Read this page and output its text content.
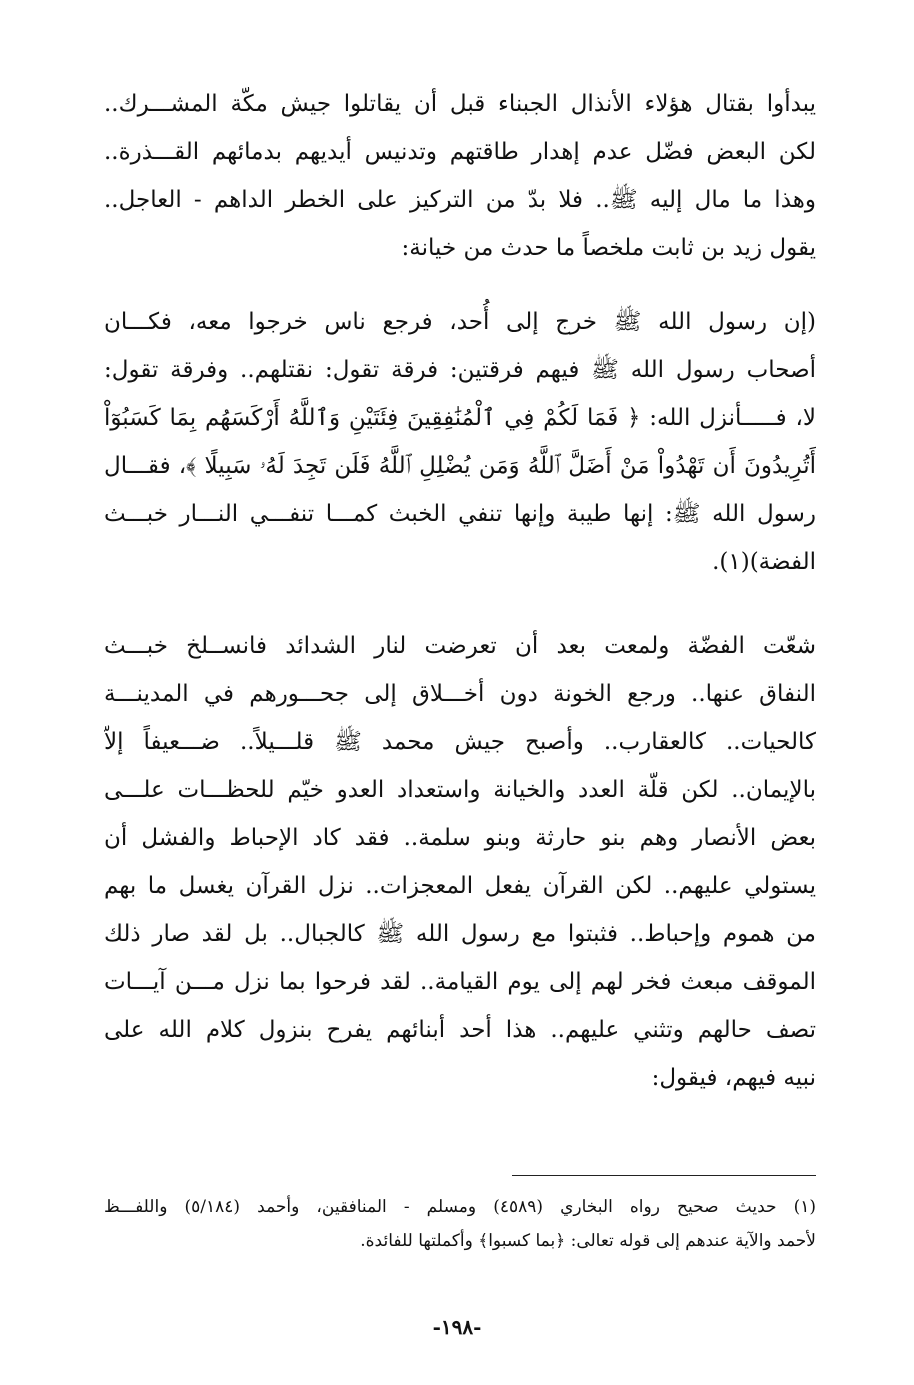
يبدأوا بقتال هؤلاء الأنذال الجبناء قبل أن يقاتلوا جيش مكّة المشـــرك..
لكن البعض فضّل عدم إهدار طاقتهم وتدنيس أيديهم بدمائهم القـــذرة..
وهذا ما مال إليه ﷺ.. فلا بدّ من التركيز على الخطر الداهم - العاجل..
يقول زيد بن ثابت ملخصاً ما حدث من خيانة:
(إن رسول الله ﷺ خرج إلى أُحد، فرجع ناس خرجوا معه، فكـــان
أصحاب رسول الله ﷺ فيهم فرقتين: فرقة تقول: نقتلهم.. وفرقة تقول:
لا، فـــــأنزل الله: ﴿ فَمَا لَكُمْ فِي ٱلْمُنَٰفِقِينَ فِئَتَيْنِ وَٱللَّهُ أَرْكَسَهُم بِمَا كَسَبُوٓاْ
أَتُرِيدُونَ أَن تَهْدُواْ مَنْ أَضَلَّ ٱللَّهُ وَمَن يُضْلِلِ ٱللَّهُ فَلَن تَجِدَ لَهُۥ سَبِيلًا ﴾، فقـــال
رسول الله ﷺ: إنها طيبة وإنها تنفي الخبث كمـــا تنفـــي النـــار خبـــث
الفضة)(١).
شعّت الفضّة ولمعت بعد أن تعرضت لنار الشدائد فانســلخ خبـــث
النفاق عنها.. ورجع الخونة دون أخـــلاق إلى جحـــورهم في المدينـــة
كالحيات.. كالعقارب.. وأصبح جيش محمد ﷺ قلـــيلاً.. ضـــعيفاً إلاّ
بالإيمان.. لكن قلّة العدد والخيانة واستعداد العدو خيّم للحظـــات علـــى
بعض الأنصار وهم بنو حارثة وبنو سلمة.. فقد كاد الإحباط والفشل أن
يستولي عليهم.. لكن القرآن يفعل المعجزات.. نزل القرآن يغسل ما بهم
من هموم وإحباط.. فثبتوا مع رسول الله ﷺ كالجبال.. بل لقد صار ذلك
الموقف مبعث فخر لهم إلى يوم القيامة.. لقد فرحوا بما نزل مـــن آيـــات
تصف حالهم وتثني عليهم.. هذا أحد أبنائهم يفرح بنزول كلام الله على
نبيه فيهم، فيقول:
(١) حديث صحيح رواه البخاري (٤٥٨٩) ومسلم - المنافقين، وأحمد (٥/١٨٤) واللفـــظ
لأحمد والآية عندهم إلى قوله تعالى: ﴿بما كسبوا﴾ وأكملتها للفائدة.
-١٩٨-
